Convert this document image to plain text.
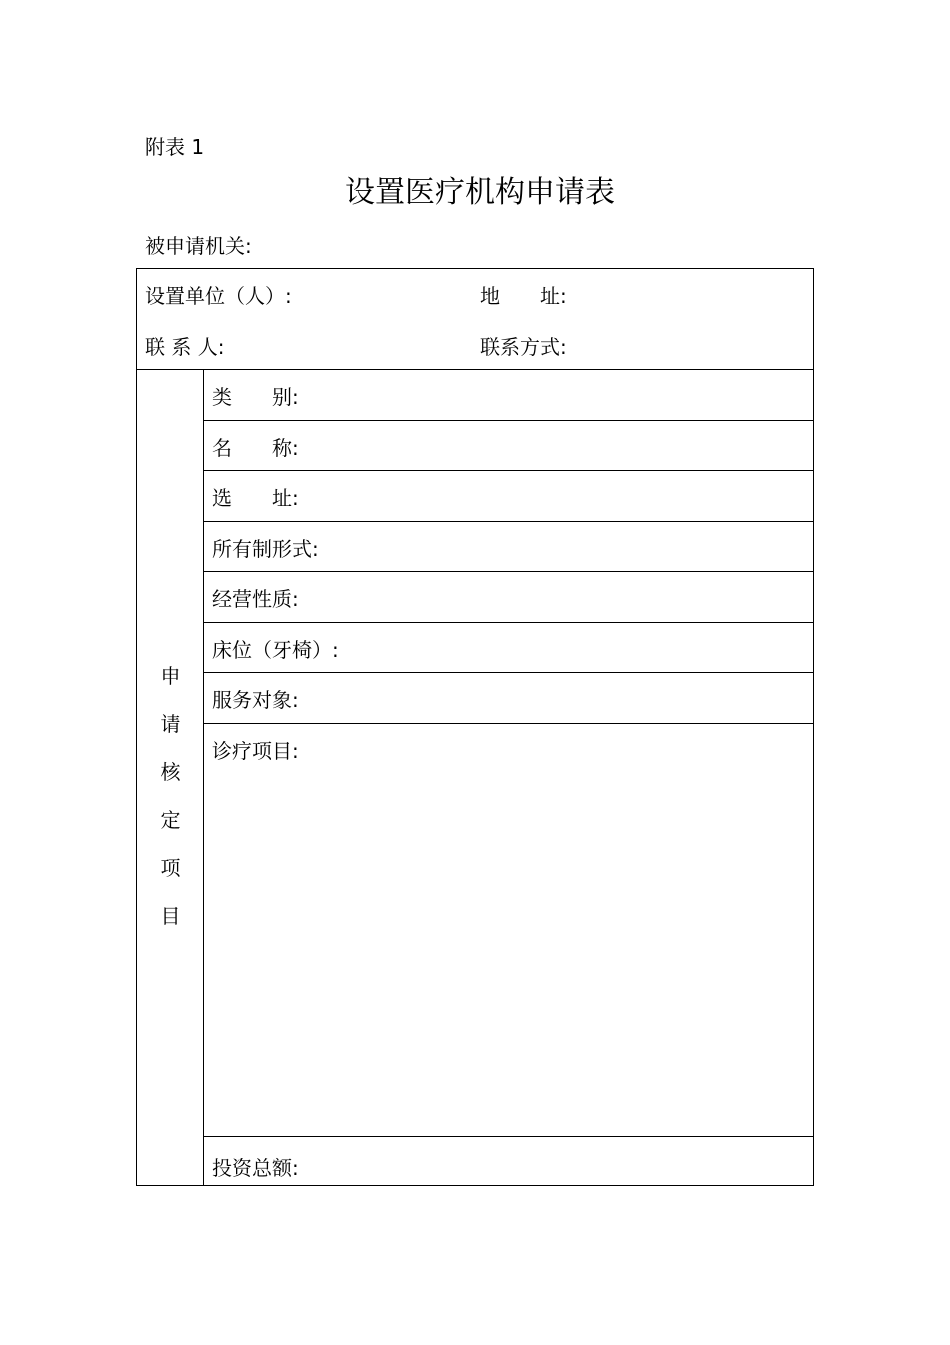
附表 1
设置医疗机构申请表
被申请机关:
设置单位（人）:	地　　址:
联 系 人:	联系方式:
申
请
核
定
项
目
类　　别:
名　　称:
选　　址:
所有制形式:
经营性质:
床位（牙椅）:
服务对象:
诊疗项目:
投资总额:
